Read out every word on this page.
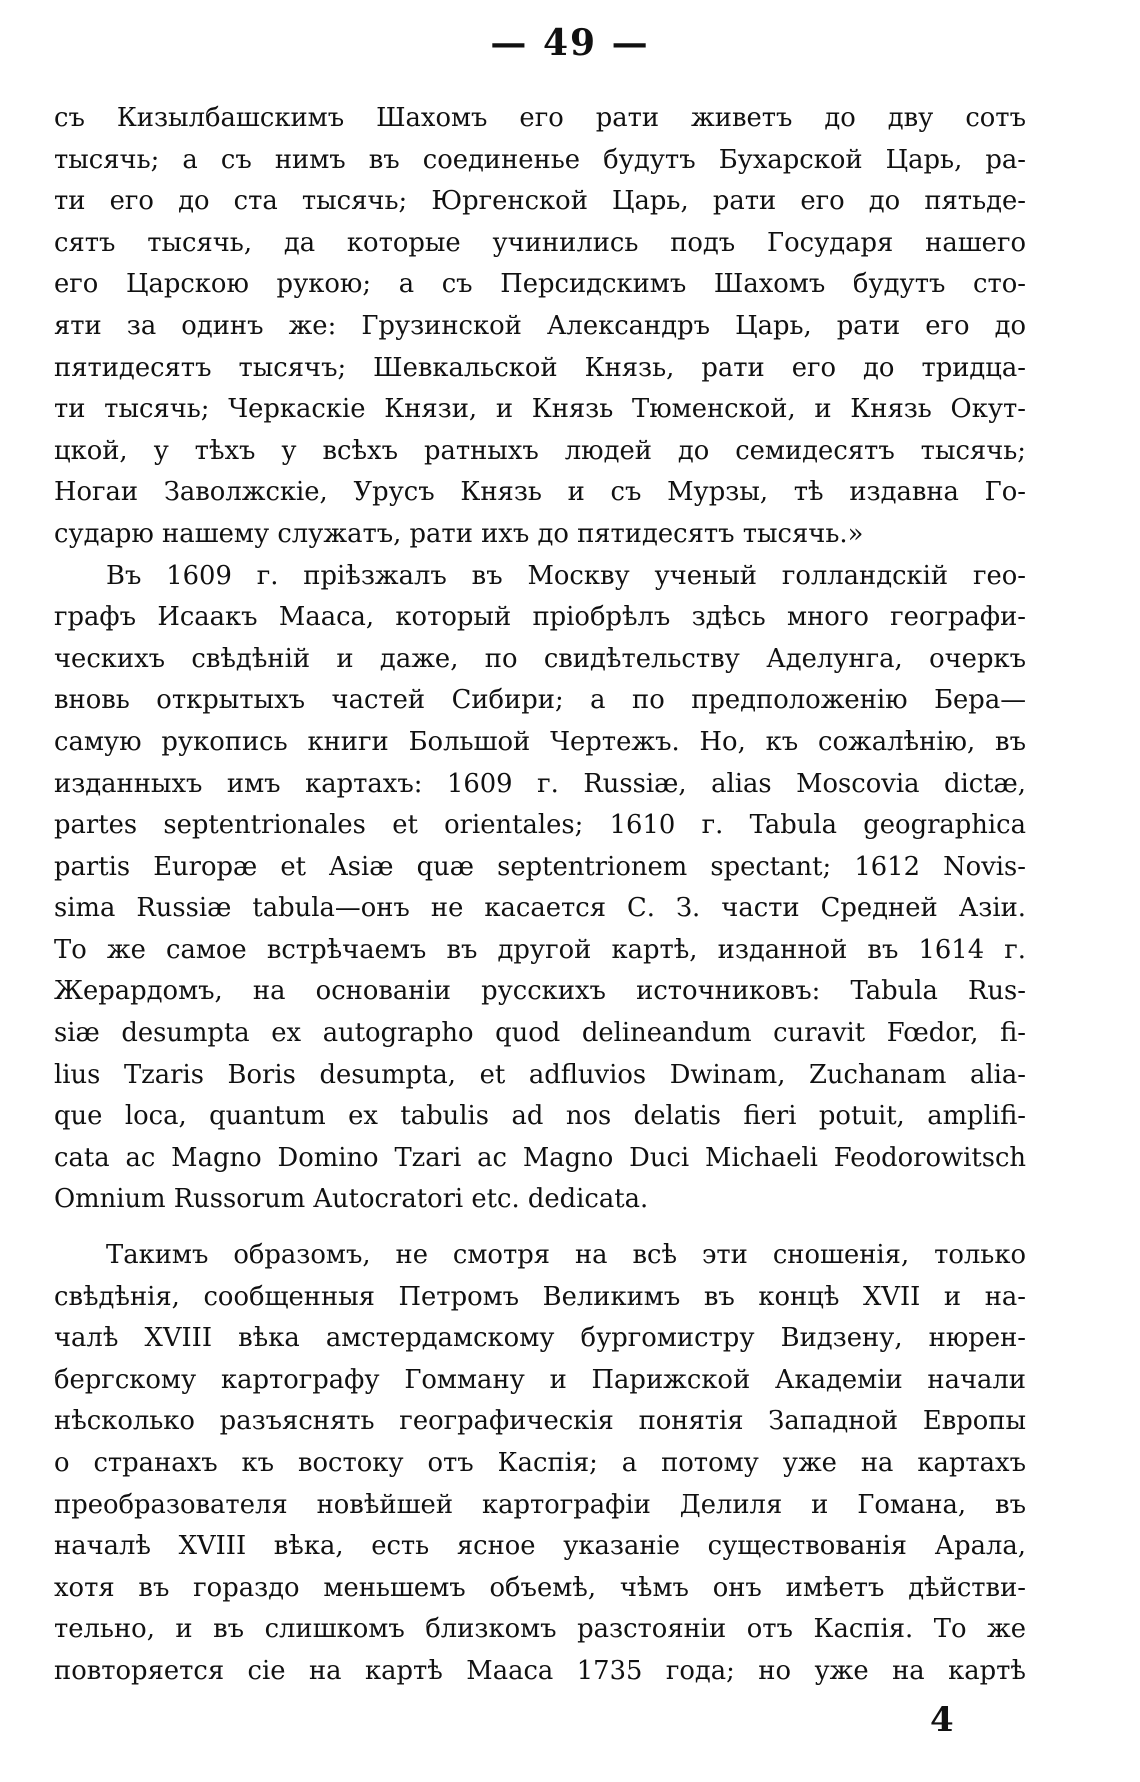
— 49 —
съ Кизылбашскимъ Шахомъ его рати живетъ до дву сотъ
тысячь; а съ нимъ въ соединенье будутъ Бухарской Царь, ра-
ти его до ста тысячь; Юргенской Царь, рати его до пятьде-
сятъ тысячь, да которые учинились подъ Государя нашего
его Царскою рукою; а съ Персидскимъ Шахомъ будутъ сто-
яти за одинъ же: Грузинской Александръ Царь, рати его до
пятидесятъ тысячъ; Шевкальской Князь, рати его до тридца-
ти тысячь; Черкаскіе Князи, и Князь Тюменской, и Князь Окут-
цкой, у тѣхъ у всѣхъ ратныхъ людей до семидесятъ тысячь;
Ногаи Заволжскіе, Урусъ Князь и съ Мурзы, тѣ издавна Го-
сударю нашему служатъ, рати ихъ до пятидесятъ тысячь.»
Въ 1609 г. пріѣзжалъ въ Москву ученый голландскій гео-
графъ Исаакъ Мааса, который пріобрѣлъ здѣсь много географи-
ческихъ свѣдѣній и даже, по свидѣтельству Аделунга, очеркъ
вновь открытыхъ частей Сибири; а по предположенію Бера—
самую рукопись книги Большой Чертежъ. Но, къ сожалѣнію, въ
изданныхъ имъ картахъ: 1609 г. Russiæ, alias Moscovia dictæ,
partes septentrionales et orientales; 1610 г. Tabula geographica
partis Europæ et Asiæ quæ septentrionem spectant; 1612 Novis-
sima Russiæ tabula—онъ не касается С. З. части Средней Азіи.
То же самое встрѣчаемъ въ другой картѣ, изданной въ 1614 г.
Жерардомъ, на основаніи русскихъ источниковъ: Tabula Rus-
siæ desumpta ex autographo quod delineandum curavit Fœdor, fi-
lius Tzaris Boris desumpta, et adfluvios Dwinam, Zuchanam alia-
que loca, quantum ex tabulis ad nos delatis fieri potuit, amplifi-
cata ac Magno Domino Tzari ac Magno Duci Michaeli Feodorowitsch
Omnium Russorum Autocratori etc. dedicata.
Такимъ образомъ, не смотря на всѣ эти сношенія, только
свѣдѣнія, сообщенныя Петромъ Великимъ въ концѣ XVII и на-
чалѣ XVIII вѣка амстердамскому бургомистру Видзену, нюрен-
бергскому картографу Гомману и Парижской Академіи начали
нѣсколько разъяснять географическія понятія Западной Европы
о странахъ къ востоку отъ Каспія; а потому уже на картахъ
преобразователя новѣйшей картографіи Делиля и Гомана, въ
началѣ XVIII вѣка, есть ясное указаніе существованія Арала,
хотя въ гораздо меньшемъ объемѣ, чѣмъ онъ имѣетъ дѣйстви-
тельно, и въ слишкомъ близкомъ разстояніи отъ Каспія. То же
повторяется сіе на картѣ Мааса 1735 года; но уже на картѣ
4
